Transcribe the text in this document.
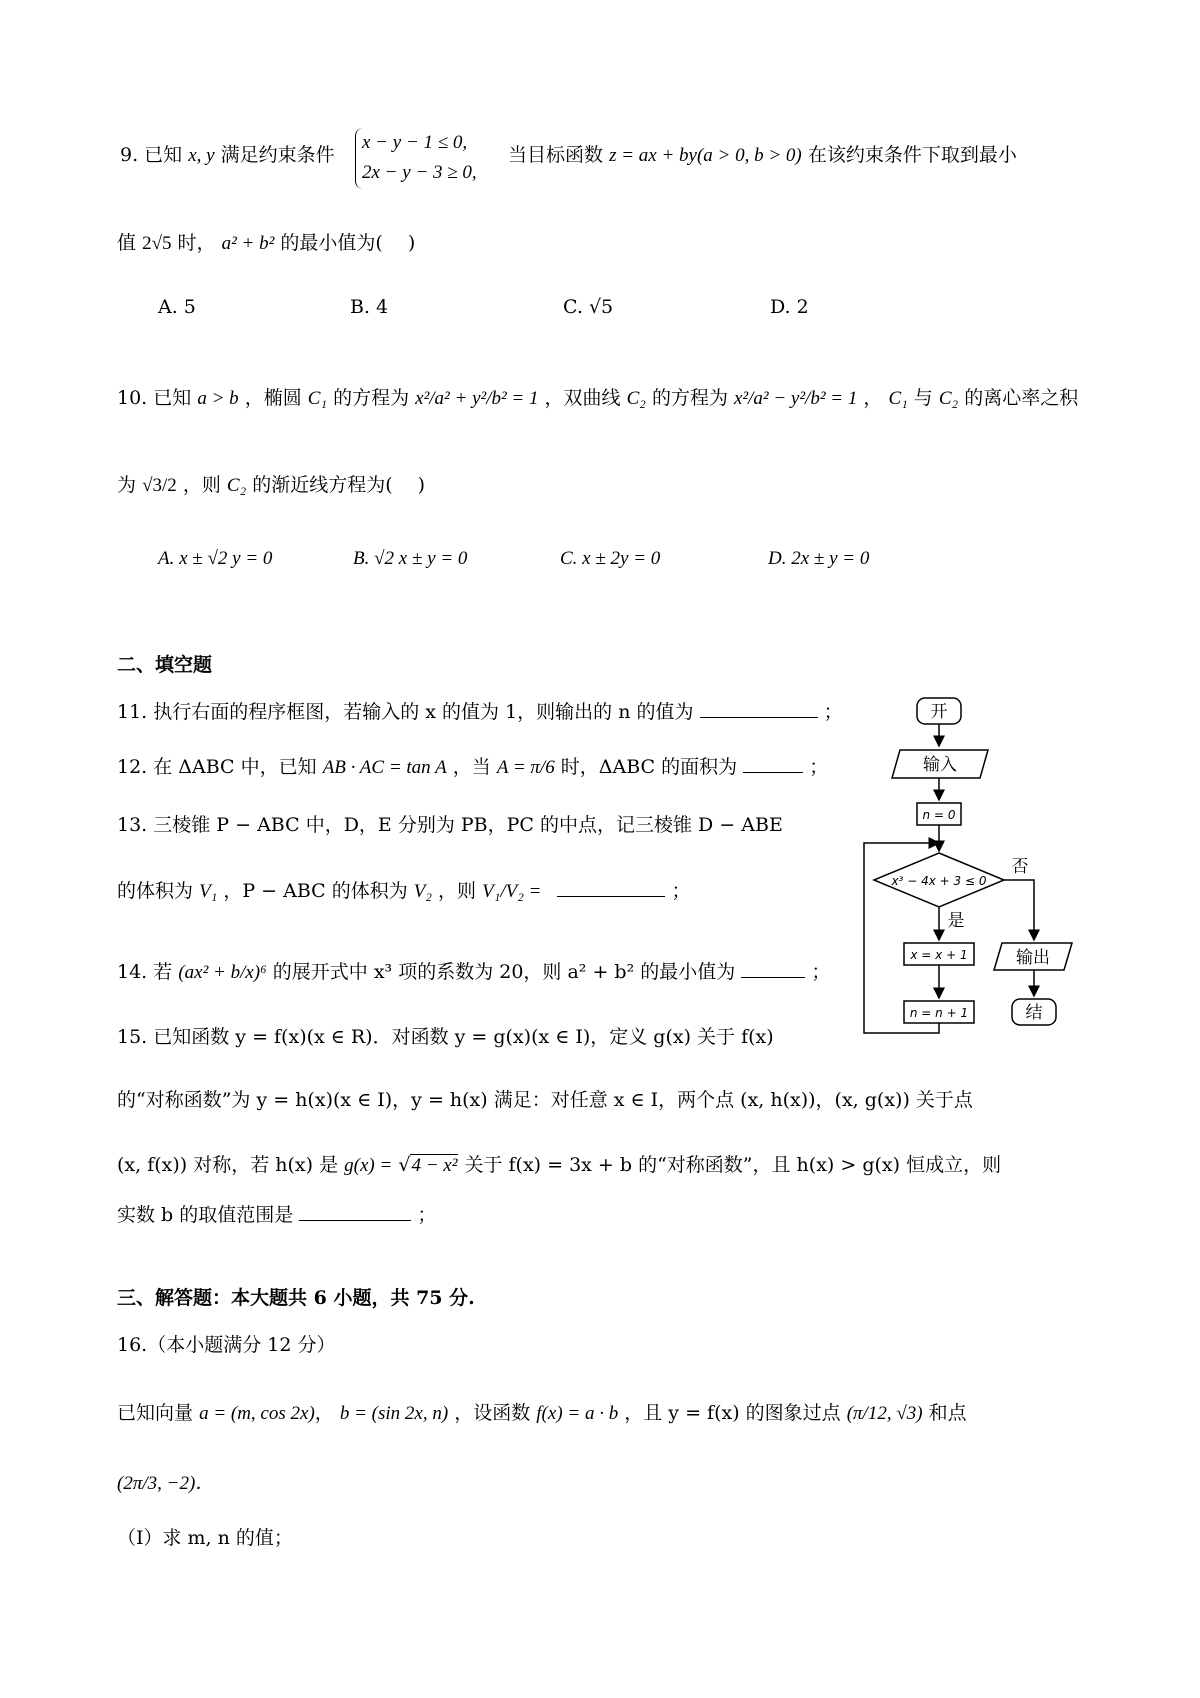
9. 已知 x, y 满足约束条件
x − y − 1 ≤ 0,
2x − y − 3 ≥ 0,
当目标函数 z = ax + by(a > 0, b > 0) 在该约束条件下取到最小
值 2√5 时， a² + b² 的最小值为(　 )
A. 5	B. 4	C. √5	D. 2
10. 已知 a > b ，椭圆 C₁ 的方程为 x²/a² + y²/b² = 1 ，双曲线 C₂ 的方程为 x²/a² − y²/b² = 1 ， C₁ 与 C₂ 的离心率之积
为 √3/2 ，则 C₂ 的渐近线方程为(　 )
A. x ± √2 y = 0	B. √2 x ± y = 0	C. x ± 2y = 0	D. 2x ± y = 0
二、填空题
11. 执行右面的程序框图，若输入的 x 的值为 1，则输出的 n 的值为	；
12. 在 ΔABC 中，已知 AB · AC = tan A ，当 A = π/6 时，ΔABC 的面积为	；
13. 三棱锥 P − ABC 中，D，E 分别为 PB，PC 的中点，记三棱锥 D − ABE
的体积为 V₁ ，P − ABC 的体积为 V₂ ，则 V₁/V₂ =	；
14. 若 (ax² + b/x)⁶ 的展开式中 x³ 项的系数为 20，则 a² + b² 的最小值为	；
15. 已知函数 y = f(x)(x ∈ R)．对函数 y = g(x)(x ∈ I)，定义 g(x) 关于 f(x)
的“对称函数”为 y = h(x)(x ∈ I)，y = h(x) 满足：对任意 x ∈ I，两个点 (x, h(x))，(x, g(x)) 关于点
(x, f(x)) 对称，若 h(x) 是 g(x) = √4 − x² 关于 f(x) = 3x + b 的“对称函数”，且 h(x) > g(x) 恒成立，则
实数 b 的取值范围是	；
开
输入
n = 0
x³ − 4x + 3 ≤ 0
是
x = x + 1
n = n + 1
否
输出
结
三、解答题：本大题共 6 小题，共 75 分.
16.（本小题满分 12 分）
已知向量 a = (m, cos 2x)， b = (sin 2x, n) ，设函数 f(x) = a · b ，且 y = f(x) 的图象过点 (π/12, √3) 和点
(2π/3, −2)．
（Ⅰ）求 m, n 的值；
